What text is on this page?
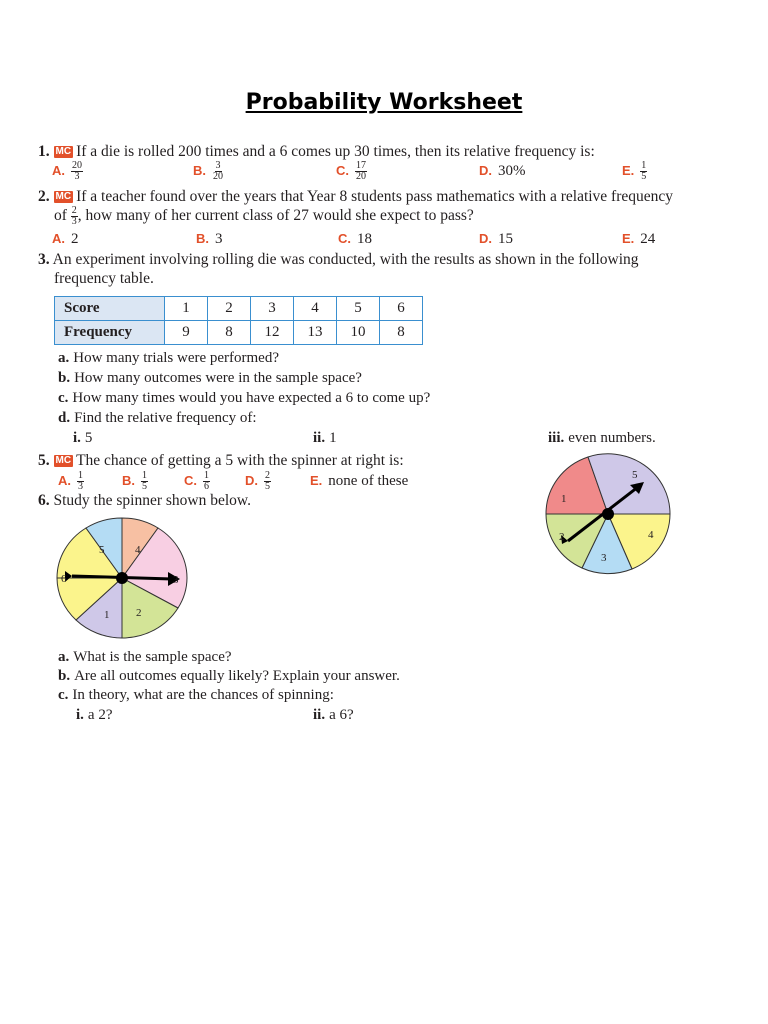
Probability Worksheet
1. MC If a die is rolled 200 times and a 6 comes up 30 times, then its relative frequency is:
A. $\frac{20}{3}$	B. $\frac{3}{20}$	C. $\frac{17}{20}$	D. 30%	E. $\frac{1}{5}$
2. MC If a teacher found over the years that Year 8 students pass mathematics with a relative frequency
of $\frac{2}{3}$ , how many of her current class of 27 would she expect to pass?
A. 2	B. 3	C. 18	D. 15	E. 24
3. An experiment involving rolling die was conducted, with the results as shown in the following
frequency table.
Score	1	2	3	4	5	6
Frequency	9	8	12	13	10	8
a. How many trials were performed?
b. How many outcomes were in the sample space?
c. How many times would you have expected a 6 to come up?
d. Find the relative frequency of:
i. 5	ii. 1	iii. even numbers.
5. MC The chance of getting a 5 with the spinner at right is:
A. $\frac{1}{3}$	B. $\frac{1}{5}$	C. $\frac{1}{6}$	D. $\frac{2}{5}$	E. none of these
1
5
4
3
2
6. Study the spinner shown below.
5	4
3
2
1
6
a. What is the sample space?
b. Are all outcomes equally likely? Explain your answer.
c. In theory, what are the chances of spinning:
i. a 2?	ii. a 6?
